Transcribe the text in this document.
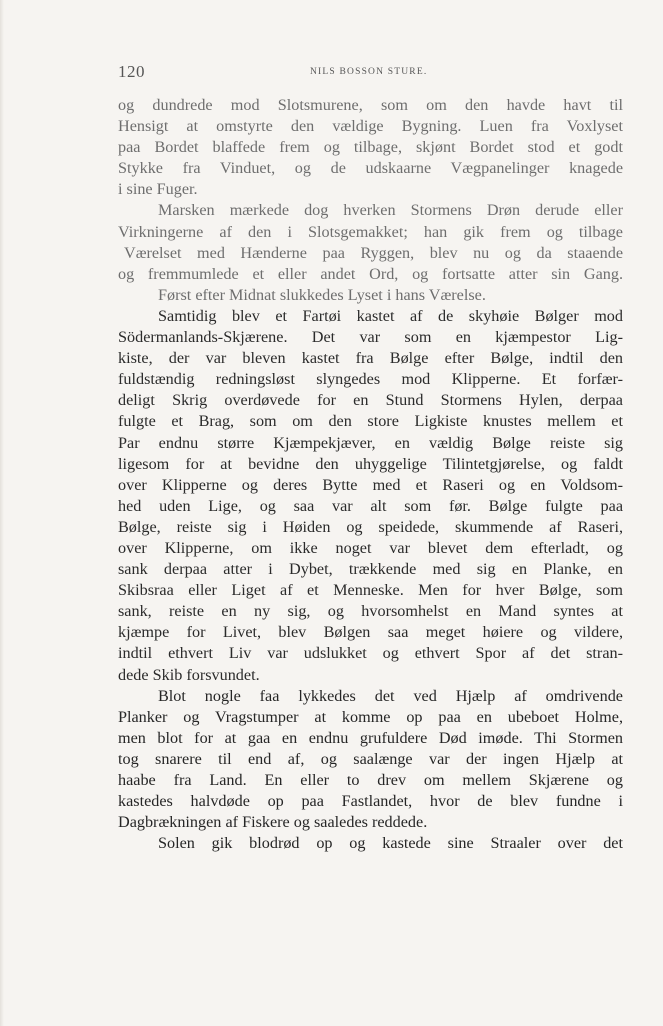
120	NILS BOSSON STURE.
og dundrede mod Slotsmurene, som om den havde havt til
Hensigt at omstyrte den vældige Bygning. Luen fra Voxlyset
paa Bordet blaffede frem og tilbage, skjønt Bordet stod et godt
Stykke fra Vinduet, og de udskaarne Vægpanelinger knagede
i sine Fuger.
Marsken mærkede dog hverken Stormens Drøn derude eller
Virkningerne af den i Slotsgemakket; han gik frem og tilbage
Værelset med Hænderne paa Ryggen, blev nu og da staaende
og fremmumlede et eller andet Ord, og fortsatte atter sin Gang.
Først efter Midnat slukkedes Lyset i hans Værelse.
Samtidig blev et Fartøi kastet af de skyhøie Bølger mod
Södermanlands-Skjærene. Det var som en kjæmpestor Lig-
kiste, der var bleven kastet fra Bølge efter Bølge, indtil den
fuldstændig redningsløst slyngedes mod Klipperne. Et forfær-
deligt Skrig overdøvede for en Stund Stormens Hylen, derpaa
fulgte et Brag, som om den store Ligkiste knustes mellem et
Par endnu større Kjæmpekjæver, en vældig Bølge reiste sig
ligesom for at bevidne den uhyggelige Tilintetgjørelse, og faldt
over Klipperne og deres Bytte med et Raseri og en Voldsom-
hed uden Lige, og saa var alt som før. Bølge fulgte paa
Bølge, reiste sig i Høiden og speidede, skummende af Raseri,
over Klipperne, om ikke noget var blevet dem efterladt, og
sank derpaa atter i Dybet, trækkende med sig en Planke, en
Skibsraa eller Liget af et Menneske. Men for hver Bølge, som
sank, reiste en ny sig, og hvorsomhelst en Mand syntes at
kjæmpe for Livet, blev Bølgen saa meget høiere og vildere,
indtil ethvert Liv var udslukket og ethvert Spor af det stran-
dede Skib forsvundet.
Blot nogle faa lykkedes det ved Hjælp af omdrivende
Planker og Vragstumper at komme op paa en ubeboet Holme,
men blot for at gaa en endnu grufuldere Død imøde. Thi Stormen
tog snarere til end af, og saalænge var der ingen Hjælp at
haabe fra Land. En eller to drev om mellem Skjærene og
kastedes halvdøde op paa Fastlandet, hvor de blev fundne i
Dagbrækningen af Fiskere og saaledes reddede.
Solen gik blodrød op og kastede sine Straaler over det
